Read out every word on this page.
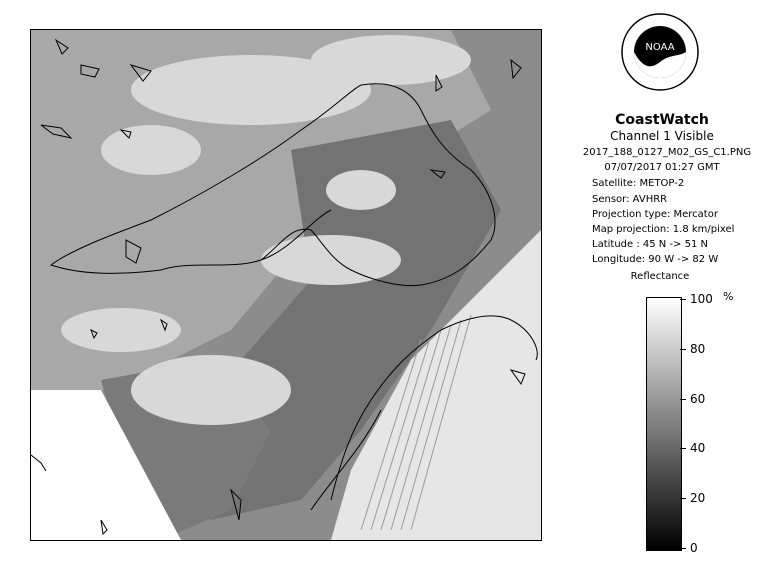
NOAA
CoastWatch
Channel 1 Visible
2017_188_0127_M02_GS_C1.PNG
07/07/2017 01:27 GMT
Satellite: METOP-2
Sensor: AVHRR
Projection type: Mercator
Map projection: 1.8 km/pixel
Latitude : 45 N -> 51 N
Longitude: 90 W -> 82 W
Reflectance
%
100
80
60
40
20
0
